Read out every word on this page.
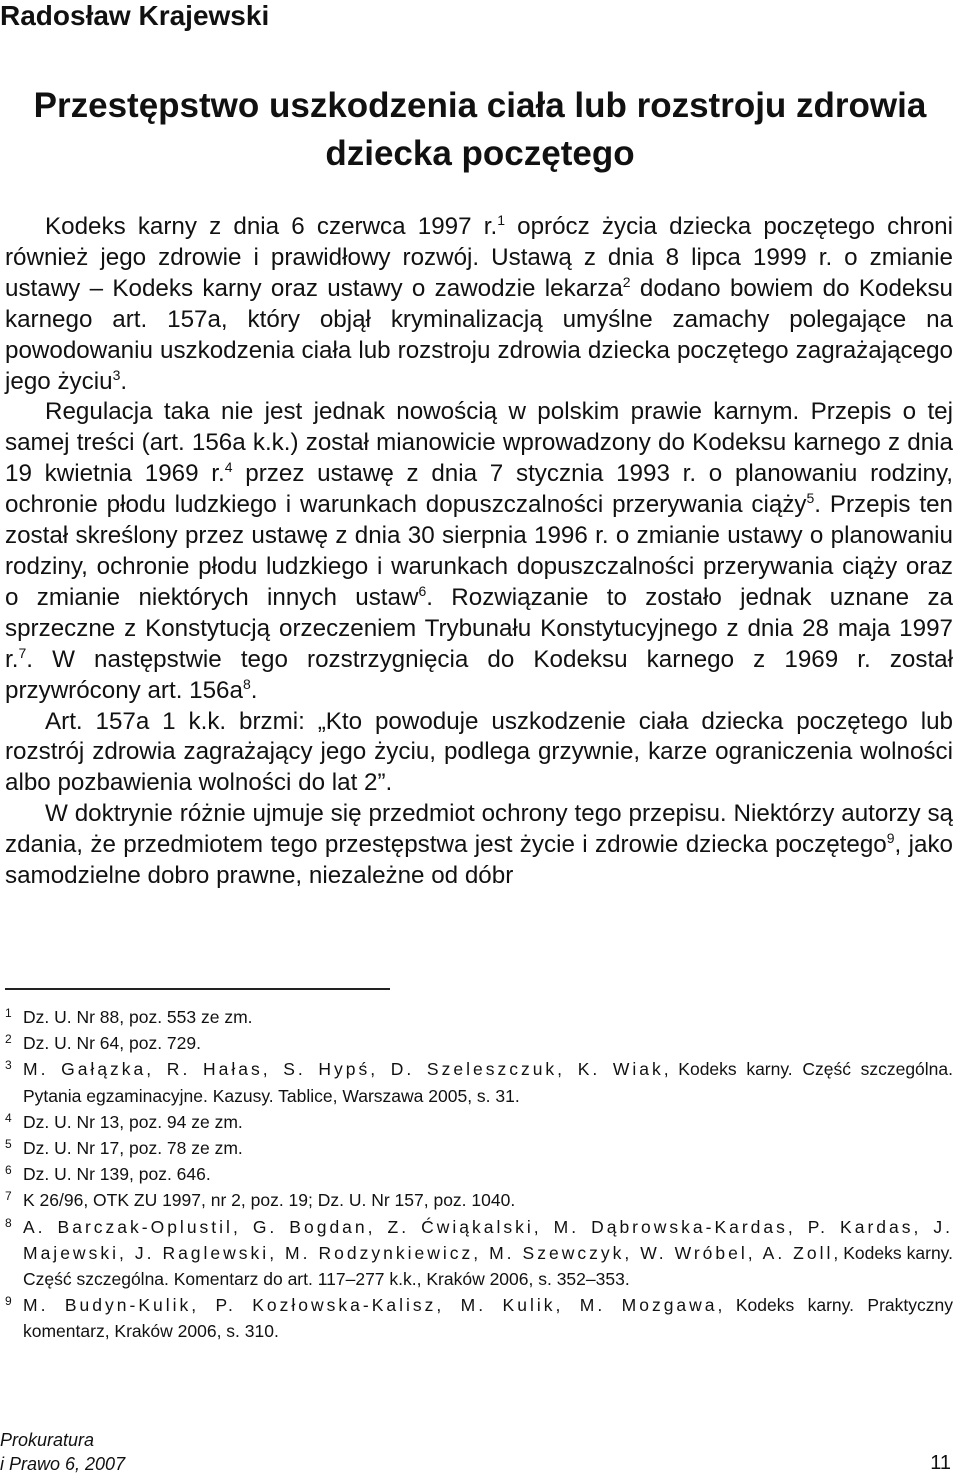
Radosław Krajewski
Przestępstwo uszkodzenia ciała lub rozstroju zdrowia dziecka poczętego

Kodeks karny z dnia 6 czerwca 1997 r.$^1$ oprócz życia dziecka poczętego chroni również jego zdrowie i prawidłowy rozwój. Ustawą z dnia 8 lipca 1999 r. o zmianie ustawy – Kodeks karny oraz ustawy o zawodzie lekarza$^2$ dodano bowiem do Kodeksu karnego art. 157a, który objął kryminalizacją umyślne zamachy polegające na powodowaniu uszkodzenia ciała lub rozstroju zdrowia dziecka poczętego zagrażającego jego życiu$^3$.

Regulacja taka nie jest jednak nowością w polskim prawie karnym. Przepis o tej samej treści (art. 156a k.k.) został mianowicie wprowadzony do Kodeksu karnego z dnia 19 kwietnia 1969 r.$^4$ przez ustawę z dnia 7 stycznia 1993 r. o planowaniu rodziny, ochronie płodu ludzkiego i warunkach dopuszczalności przerywania ciąży$^5$. Przepis ten został skreślony przez ustawę z dnia 30 sierpnia 1996 r. o zmianie ustawy o planowaniu rodziny, ochronie płodu ludzkiego i warunkach dopuszczalności przerywania ciąży oraz o zmianie niektórych innych ustaw$^6$. Rozwiązanie to zostało jednak uznane za sprzeczne z Konstytucją orzeczeniem Trybunału Konstytucyjnego z dnia 28 maja 1997 r.$^7$. W następstwie tego rozstrzygnięcia do Kodeksu karnego z 1969 r. został przywrócony art. $156a^8$.

Art. 157a 1 k.k. brzmi: „Kto powoduje uszkodzenie ciała dziecka poczętego lub rozstrój zdrowia zagrażający jego życiu, podlega grzywnie, karze ograniczenia wolności albo pozbawienia wolności do lat 2”.

W doktrynie różnie ujmuje się przedmiot ochrony tego przepisu. Niektórzy autorzy są zdania, że przedmiotem tego przestępstwa jest życie i zdrowie dziecka poczętego$^9$, jako samodzielne dobro prawne, niezależne od dóbr

1 Dz. U. Nr 88, poz. 553 ze zm.

2 Dz. U. Nr 64, poz. 729.

3 M. Gałązka, R. Hałas, S. Hypś, D. Szeleszczuk, K. Wiak, Kodeks karny. Część szczególna. Pytania egzaminacyjne. Kazusy. Tablice, Warszawa 2005, s. 31.

4 Dz. U. Nr 13, poz. 94 ze zm.

5 Dz. U. Nr 17, poz. 78 ze zm.

6 Dz. U. Nr 139, poz. 646.

7 K 26/96, OTK ZU 1997, nr 2, poz. 19; Dz. U. Nr 157, poz. 1040.

8 A. Barczak-Oplustil, G. Bogdan, Z. Ćwiąkalski, M. Dąbrowska-Kardas, P. Kardas, J. Majewski, J. Raglewski, M. Rodzynkiewicz, M. Szewczyk, W. Wróbel, A. Zoll, Kodeks karny. Część szczególna. Komentarz do art. 117–277 k.k., Kraków 2006, s. 352–353.

9 M. Budyn-Kulik, P. Kozłowska-Kalisz, M. Kulik, M. Mozgawa, Kodeks karny. Praktyczny komentarz, Kraków 2006, s. 310.

Prokuratura
i Prawo 6, 2007	11
